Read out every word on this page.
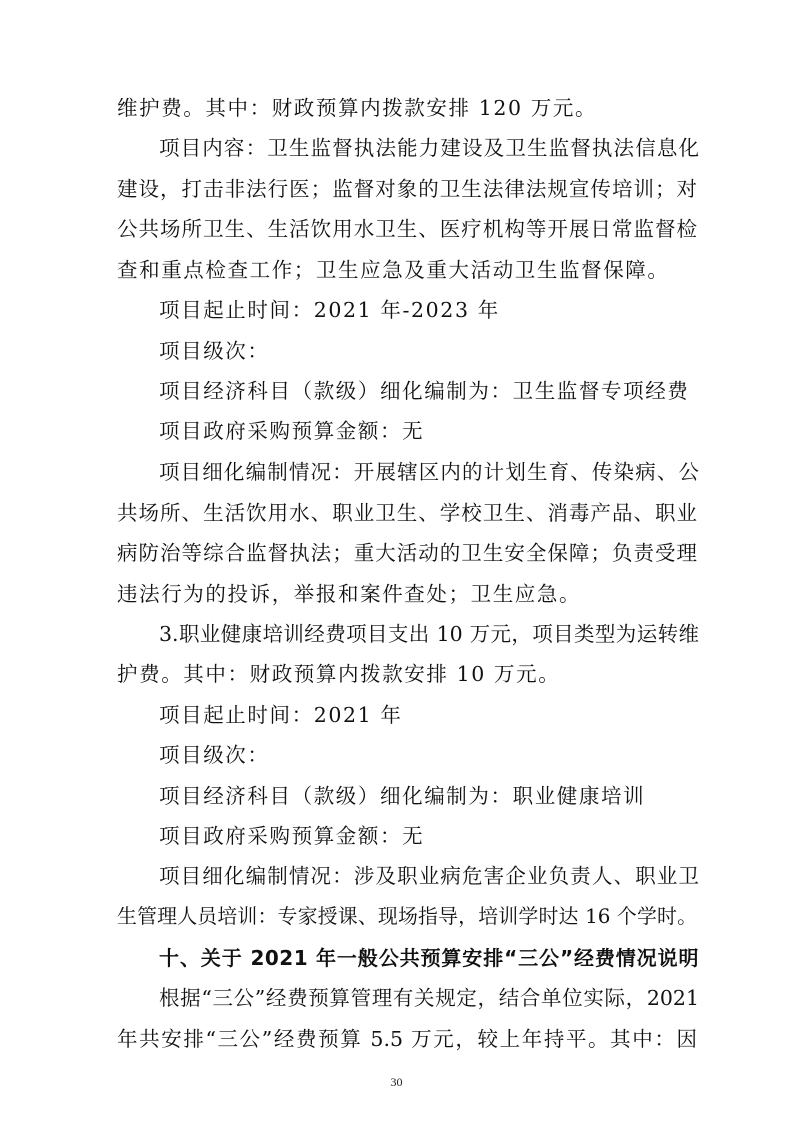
维护费。其中：财政预算内拨款安排 120 万元。
项目内容：卫生监督执法能力建设及卫生监督执法信息化
建设，打击非法行医；监督对象的卫生法律法规宣传培训；对
公共场所卫生、生活饮用水卫生、医疗机构等开展日常监督检
查和重点检查工作；卫生应急及重大活动卫生监督保障。
项目起止时间：2021 年-2023 年
项目级次：
项目经济科目（款级）细化编制为：卫生监督专项经费
项目政府采购预算金额：无
项目细化编制情况：开展辖区内的计划生育、传染病、公
共场所、生活饮用水、职业卫生、学校卫生、消毒产品、职业
病防治等综合监督执法；重大活动的卫生安全保障；负责受理
违法行为的投诉，举报和案件查处；卫生应急。
3.职业健康培训经费项目支出 10 万元，项目类型为运转维
护费。其中：财政预算内拨款安排 10 万元。
项目起止时间：2021 年
项目级次：
项目经济科目（款级）细化编制为：职业健康培训
项目政府采购预算金额：无
项目细化编制情况：涉及职业病危害企业负责人、职业卫
生管理人员培训：专家授课、现场指导，培训学时达 16 个学时。
十、关于 2021 年一般公共预算安排“三公”经费情况说明
根据“三公”经费预算管理有关规定，结合单位实际，2021
年共安排“三公”经费预算 5.5 万元，较上年持平。其中：因
30
